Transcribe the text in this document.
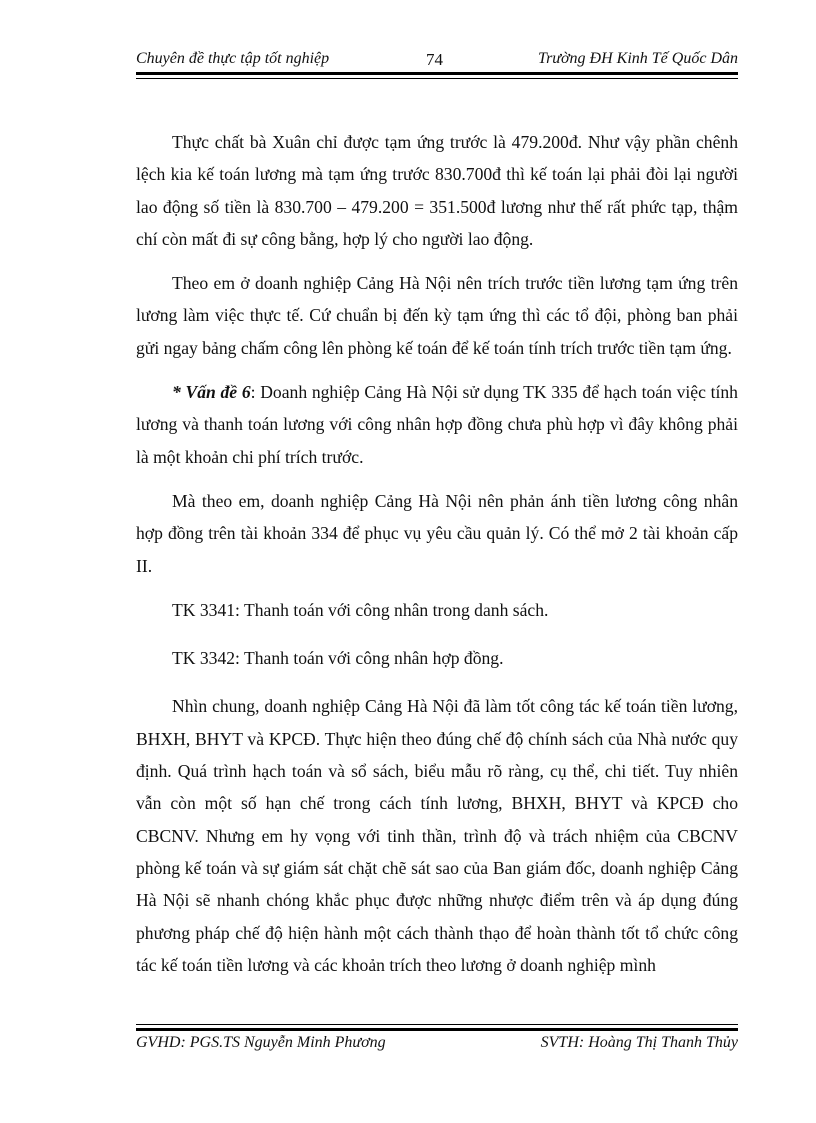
Chuyên đề thực tập tốt nghiệp	74	Trường ĐH Kinh Tế Quốc Dân

Thực chất bà Xuân chỉ được tạm ứng trước là 479.200đ. Như vậy phần chênh lệch kia kế toán lương mà tạm ứng trước 830.700đ thì kế toán lại phải đòi lại người lao động số tiền là 830.700 – 479.200 = 351.500đ lương như thế rất phức tạp, thậm chí còn mất đi sự công bằng, hợp lý cho người lao động.

Theo em ở doanh nghiệp Cảng Hà Nội nên trích trước tiền lương tạm ứng trên lương làm việc thực tế. Cứ chuẩn bị đến kỳ tạm ứng thì các tổ đội, phòng ban phải gửi ngay bảng chấm công lên phòng kế toán để kế toán tính trích trước tiền tạm ứng.

* Vấn đề 6: Doanh nghiệp Cảng Hà Nội sử dụng TK 335 để hạch toán việc tính lương và thanh toán lương với công nhân hợp đồng chưa phù hợp vì đây không phải là một khoản chi phí trích trước.

Mà theo em, doanh nghiệp Cảng Hà Nội nên phản ánh tiền lương công nhân hợp đồng trên tài khoản 334 để phục vụ yêu cầu quản lý. Có thể mở 2 tài khoản cấp II.

TK 3341: Thanh toán với công nhân trong danh sách.

TK 3342: Thanh toán với công nhân hợp đồng.

Nhìn chung, doanh nghiệp Cảng Hà Nội đã làm tốt công tác kế toán tiền lương, BHXH, BHYT và KPCĐ. Thực hiện theo đúng chế độ chính sách của Nhà nước quy định. Quá trình hạch toán và sổ sách, biểu mẫu rõ ràng, cụ thể, chi tiết. Tuy nhiên vẫn còn một số hạn chế trong cách tính lương, BHXH, BHYT và KPCĐ cho CBCNV. Nhưng em hy vọng với tinh thần, trình độ và trách nhiệm của CBCNV phòng kế toán và sự giám sát chặt chẽ sát sao của Ban giám đốc, doanh nghiệp Cảng Hà Nội sẽ nhanh chóng khắc phục được những nhược điểm trên và áp dụng đúng phương pháp chế độ hiện hành một cách thành thạo để hoàn thành tốt tổ chức công tác kế toán tiền lương và các khoản trích theo lương ở doanh nghiệp mình

GVHD: PGS.TS Nguyễn Minh Phương	SVTH: Hoàng Thị Thanh Thủy
